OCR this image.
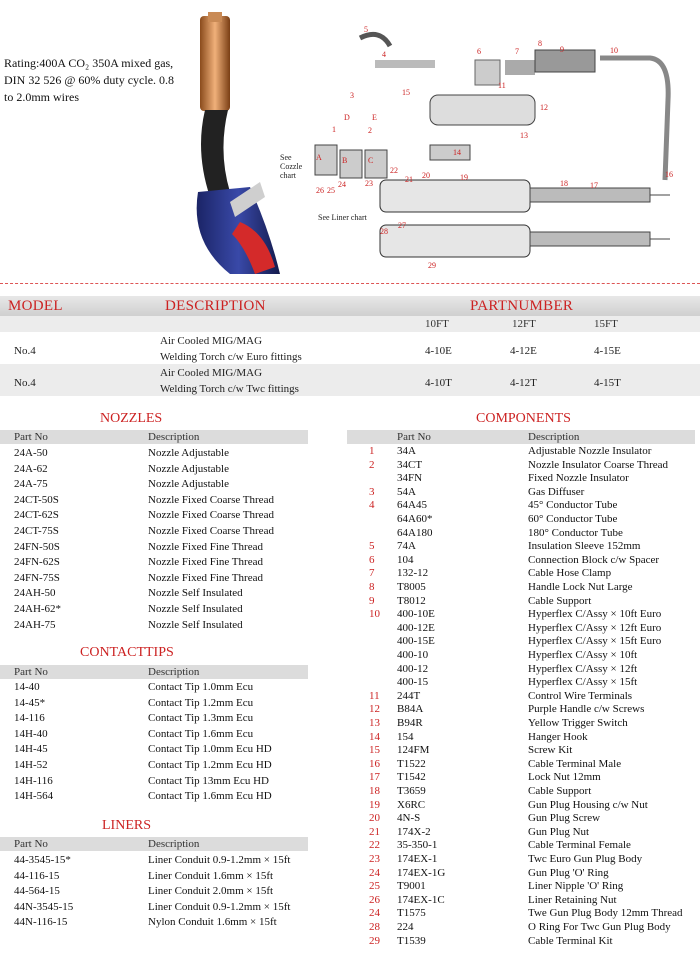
Rating:400A CO₂ 350A mixed gas, DIN 32 526 @ 60% duty cycle. 0.8 to 2.0mm wires
5
4	6	7
8
9	10
11
12
13
14
15
16
17
18
19
20
21
22
23
24
25
26
27
28
29
3
1	2
D	E
A	B	C
See
Cozzle
chart
See Liner chart
MODEL	DESCRIPTION	PARTNUMBER
10FT	12FT	15FT
No.4
Air Cooled MIG/MAG
Welding Torch c/w Euro fittings	4-10E	4-12E	4-15E
No.4
Air Cooled MIG/MAG
Welding Torch c/w Twc fittings	4-10T	4-12T	4-15T
NOZZLES
Part No	Description
24A-50	Nozzle Adjustable
24A-62	Nozzle Adjustable
24A-75	Nozzle Adjustable
24CT-50S	Nozzle Fixed Coarse Thread
24CT-62S	Nozzle Fixed Coarse Thread
24CT-75S	Nozzle Fixed Coarse Thread
24FN-50S	Nozzle Fixed Fine Thread
24FN-62S	Nozzle Fixed Fine Thread
24FN-75S	Nozzle Fixed Fine Thread
24AH-50	Nozzle Self Insulated
24AH-62*	Nozzle Self Insulated
24AH-75	Nozzle Self Insulated
CONTACTTIPS
Part No	Description
14-40	Contact Tip 1.0mm Ecu
14-45*	Contact Tip 1.2mm Ecu
14-116	Contact Tip 1.3mm Ecu
14H-40	Contact Tip 1.6mm Ecu
14H-45	Contact Tip 1.0mm Ecu HD
14H-52	Contact Tip 1.2mm Ecu HD
14H-116	Contact Tip 13mm Ecu HD
14H-564	Contact Tip 1.6mm Ecu HD
LINERS
Part No	Description
44-3545-15*	Liner Conduit 0.9-1.2mm × 15ft
44-116-15	Liner Conduit 1.6mm × 15ft
44-564-15	Liner Conduit 2.0mm × 15ft
44N-3545-15	Liner Conduit 0.9-1.2mm × 15ft
44N-116-15	Nylon Conduit 1.6mm × 15ft
COMPONENTS
Part No	Description
1 34A	Adjustable Nozzle Insulator
2 34CT	Nozzle Insulator Coarse Thread
34FN	Fixed Nozzle Insulator
3 54A	Gas Diffuser
4 64A45	45° Conductor Tube
64A60*	60° Conductor Tube
64A180	180° Conductor Tube
5 74A	Insulation Sleeve 152mm
6 104	Connection Block c/w Spacer
7 132-12	Cable Hose Clamp
8 T8005	Handle Lock Nut Large
9 T8012	Cable Support
10 400-10E	Hyperflex C/Assy × 10ft Euro
400-12E	Hyperflex C/Assy × 12ft Euro
400-15E	Hyperflex C/Assy × 15ft Euro
400-10	Hyperflex C/Assy × 10ft
400-12	Hyperflex C/Assy × 12ft
400-15	Hyperflex C/Assy × 15ft
11 244T	Control Wire Terminals
12 B84A	Purple Handle c/w Screws
13 B94R	Yellow Trigger Switch
14 154	Hanger Hook
15 124FM	Screw Kit
16 T1522	Cable Terminal Male
17 T1542	Lock Nut 12mm
18 T3659	Cable Support
19 X6RC	Gun Plug Housing c/w Nut
20 4N-S	Gun Plug Screw
21 174X-2	Gun Plug Nut
22 35-350-1	Cable Terminal Female
23 174EX-1	Twc Euro Gun Plug Body
24 174EX-1G	Gun Plug 'O' Ring
25 T9001	Liner Nipple 'O' Ring
26 174EX-1C	Liner Retaining Nut
24 T1575	Twe Gun Plug Body 12mm Thread
28 224	O Ring For Twc Gun Plug Body
29 T1539	Cable Terminal Kit
